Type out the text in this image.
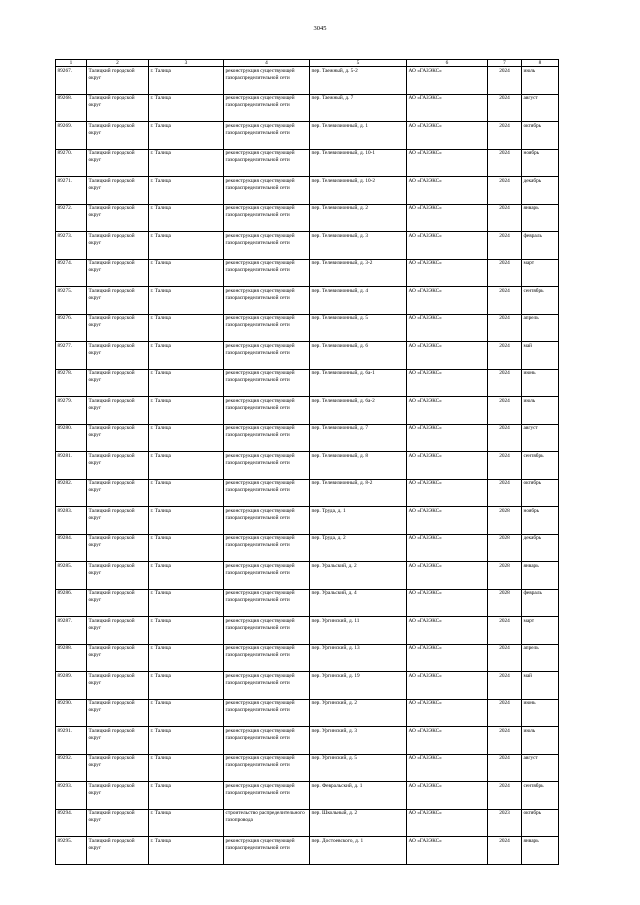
3045
1	2	3	4	5	6	7	8
89267.	Талицкий городской округ	г. Талица	реконструкция существующей газораспределительной сети	пер. Таежный, д. 5-2	АО «ГАЗЭКС»	2024	июль
89268.	Талицкий городской округ	г. Талица	реконструкция существующей газораспределительной сети	пер. Таежный, д. 7	АО «ГАЗЭКС»	2024	август
89269.	Талицкий городской округ	г. Талица	реконструкция существующей газораспределительной сети	пер. Телевизионный, д. 1	АО «ГАЗЭКС»	2024	октябрь
89270.	Талицкий городской округ	г. Талица	реконструкция существующей газораспределительной сети	пер. Телевизионный, д. 10-1	АО «ГАЗЭКС»	2024	ноябрь
89271.	Талицкий городской округ	г. Талица	реконструкция существующей газораспределительной сети	пер. Телевизионный, д. 10-2	АО «ГАЗЭКС»	2024	декабрь
89272.	Талицкий городской округ	г. Талица	реконструкция существующей газораспределительной сети	пер. Телевизионный, д. 2	АО «ГАЗЭКС»	2024	январь
89273.	Талицкий городской округ	г. Талица	реконструкция существующей газораспределительной сети	пер. Телевизионный, д. 3	АО «ГАЗЭКС»	2024	февраль
89274.	Талицкий городской округ	г. Талица	реконструкция существующей газораспределительной сети	пер. Телевизионный, д. 3-2	АО «ГАЗЭКС»	2024	март
89275.	Талицкий городской округ	г. Талица	реконструкция существующей газораспределительной сети	пер. Телевизионный, д. 4	АО «ГАЗЭКС»	2024	сентябрь
89276.	Талицкий городской округ	г. Талица	реконструкция существующей газораспределительной сети	пер. Телевизионный, д. 5	АО «ГАЗЭКС»	2024	апрель
89277.	Талицкий городской округ	г. Талица	реконструкция существующей газораспределительной сети	пер. Телевизионный, д. 6	АО «ГАЗЭКС»	2024	май
89278.	Талицкий городской округ	г. Талица	реконструкция существующей газораспределительной сети	пер. Телевизионный, д. 6а-1	АО «ГАЗЭКС»	2024	июнь
89279.	Талицкий городской округ	г. Талица	реконструкция существующей газораспределительной сети	пер. Телевизионный, д. 6а-2	АО «ГАЗЭКС»	2024	июль
89280.	Талицкий городской округ	г. Талица	реконструкция существующей газораспределительной сети	пер. Телевизионный, д. 7	АО «ГАЗЭКС»	2024	август
89281.	Талицкий городской округ	г. Талица	реконструкция существующей газораспределительной сети	пер. Телевизионный, д. 8	АО «ГАЗЭКС»	2024	сентябрь
89282.	Талицкий городской округ	г. Талица	реконструкция существующей газораспределительной сети	пер. Телевизионный, д. 8-2	АО «ГАЗЭКС»	2024	октябрь
89283.	Талицкий городской округ	г. Талица	реконструкция существующей газораспределительной сети	пер. Труда, д. 1	АО «ГАЗЭКС»	2028	ноябрь
89284.	Талицкий городской округ	г. Талица	реконструкция существующей газораспределительной сети	пер. Труда, д. 2	АО «ГАЗЭКС»	2028	декабрь
89285.	Талицкий городской округ	г. Талица	реконструкция существующей газораспределительной сети	пер. Уральский, д. 2	АО «ГАЗЭКС»	2028	январь
89286.	Талицкий городской округ	г. Талица	реконструкция существующей газораспределительной сети	пер. Уральский, д. 4	АО «ГАЗЭКС»	2028	февраль
89287.	Талицкий городской округ	г. Талица	реконструкция существующей газораспределительной сети	пер. Ургинский, д. 11	АО «ГАЗЭКС»	2024	март
89288.	Талицкий городской округ	г. Талица	реконструкция существующей газораспределительной сети	пер. Ургинский, д. 13	АО «ГАЗЭКС»	2024	апрель
89289.	Талицкий городской округ	г. Талица	реконструкция существующей газораспределительной сети	пер. Ургинский, д. 19	АО «ГАЗЭКС»	2024	май
89290.	Талицкий городской округ	г. Талица	реконструкция существующей газораспределительной сети	пер. Ургинский, д. 2	АО «ГАЗЭКС»	2024	июнь
89291.	Талицкий городской округ	г. Талица	реконструкция существующей газораспределительной сети	пер. Ургинский, д. 3	АО «ГАЗЭКС»	2024	июль
89292.	Талицкий городской округ	г. Талица	реконструкция существующей газораспределительной сети	пер. Ургинский, д. 5	АО «ГАЗЭКС»	2024	август
89293.	Талицкий городской округ	г. Талица	реконструкция существующей газораспределительной сети	пер. Февральский, д. 1	АО «ГАЗЭКС»	2024	сентябрь
89294.	Талицкий городской округ	г. Талица	строительство распределительного газопровода	пер. Школьный, д. 2	АО «ГАЗЭКС»	2023	октябрь
89295.	Талицкий городской округ	г. Талица	реконструкция существующей газораспределительной сети	пер. Достоевского, д. 1	АО «ГАЗЭКС»	2024	январь
